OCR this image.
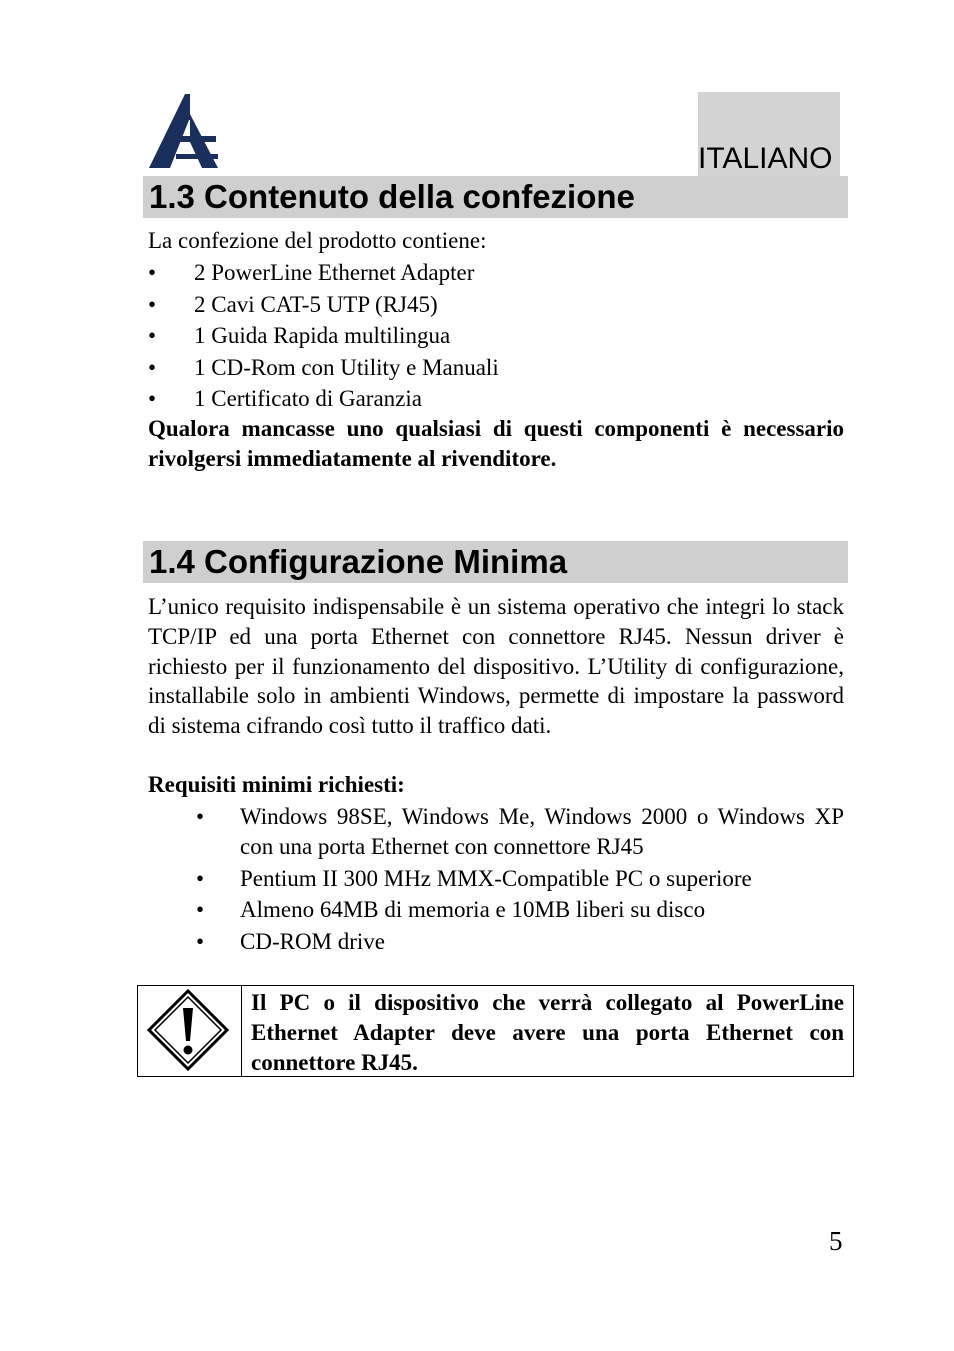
ITALIANO
1.3 Contenuto della confezione
La confezione del prodotto contiene:
• 2 PowerLine Ethernet Adapter
• 2 Cavi CAT-5 UTP (RJ45)
• 1 Guida Rapida multilingua
• 1 CD-Rom con Utility e Manuali
• 1 Certificato di Garanzia
Qualora mancasse uno qualsiasi di questi componenti è necessario rivolgersi immediatamente al rivenditore.
1.4 Configurazione Minima
L’unico requisito indispensabile è un sistema operativo che integri lo stack TCP/IP ed una porta Ethernet con connettore RJ45. Nessun driver è richiesto per il funzionamento del dispositivo. L’Utility di configurazione, installabile solo in ambienti Windows, permette di impostare la password di sistema cifrando così tutto il traffico dati.
Requisiti minimi richiesti:
• Windows 98SE, Windows Me, Windows 2000 o Windows XP con una porta Ethernet con connettore RJ45
• Pentium II 300 MHz MMX-Compatible PC o superiore
• Almeno 64MB di memoria e 10MB liberi su disco
• CD-ROM drive
Il PC o il dispositivo che verrà collegato al PowerLine Ethernet Adapter deve avere una porta Ethernet con connettore RJ45.
5
